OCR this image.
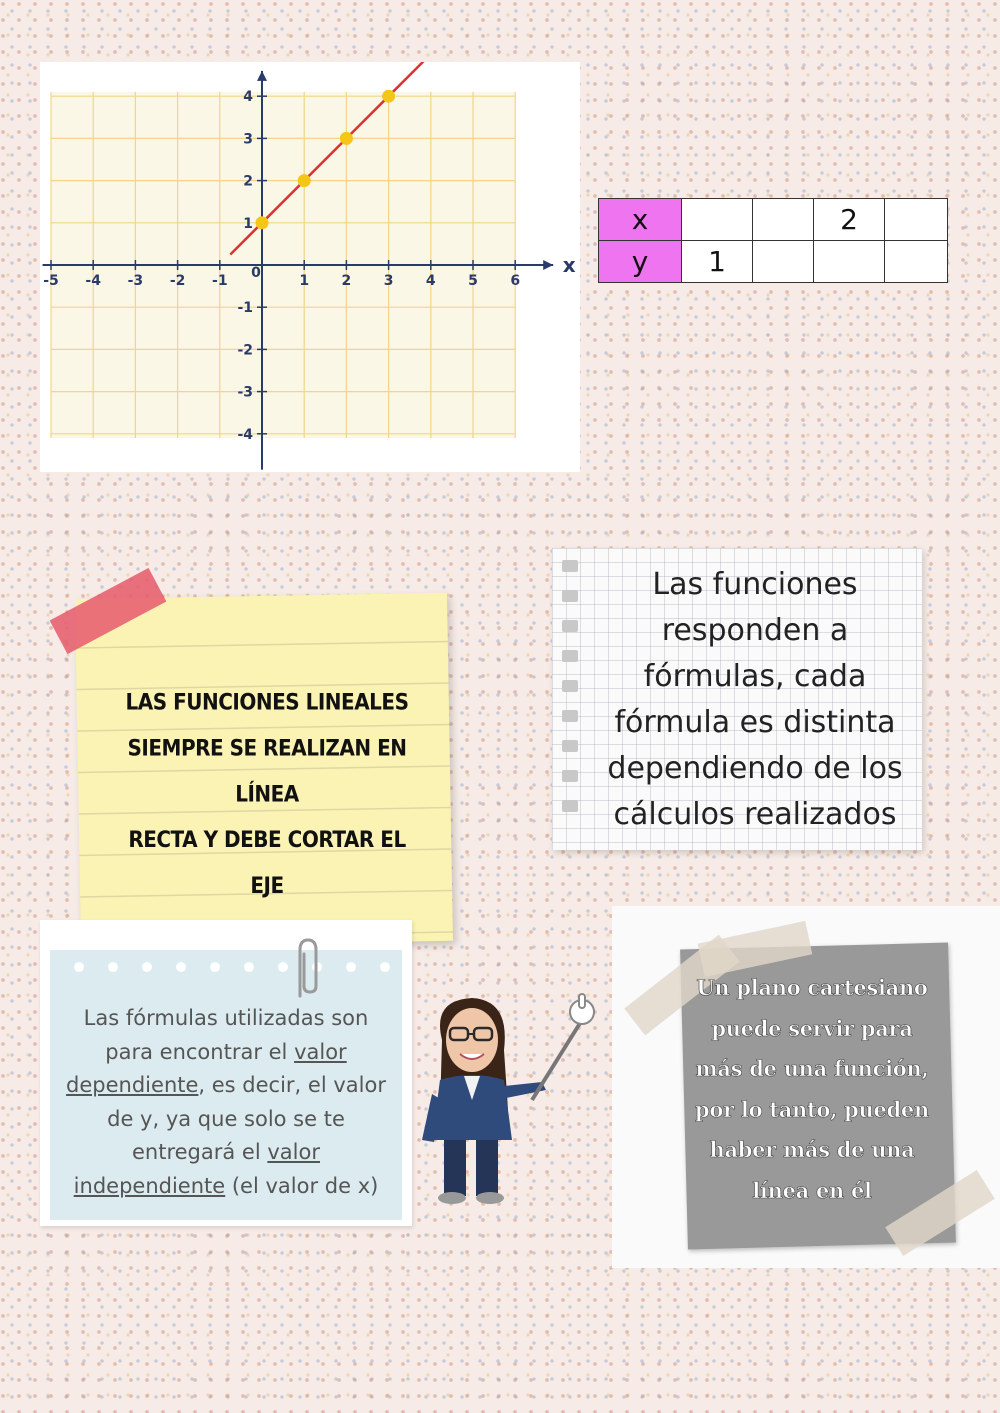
-5 -4 -3 -2 -1 0	1 2 3 4 5 6
4
3
2
1
-1
-2
-3
-4
x
x			2	
y	1			
LAS FUNCIONES LINEALES
SIEMPRE SE REALIZAN EN LÍNEA
RECTA Y DEBE CORTAR EL EJE
Las funciones
responden a
fórmulas, cada
fórmula es distinta
dependiendo de los
cálculos realizados
Las fórmulas utilizadas son para encontrar el valor dependiente, es decir, el valor de y, ya que solo se te entregará el valor independiente (el valor de x)
Un plano cartesiano
puede servir para
más de una función,
por lo tanto, pueden
haber más de una
línea en él
